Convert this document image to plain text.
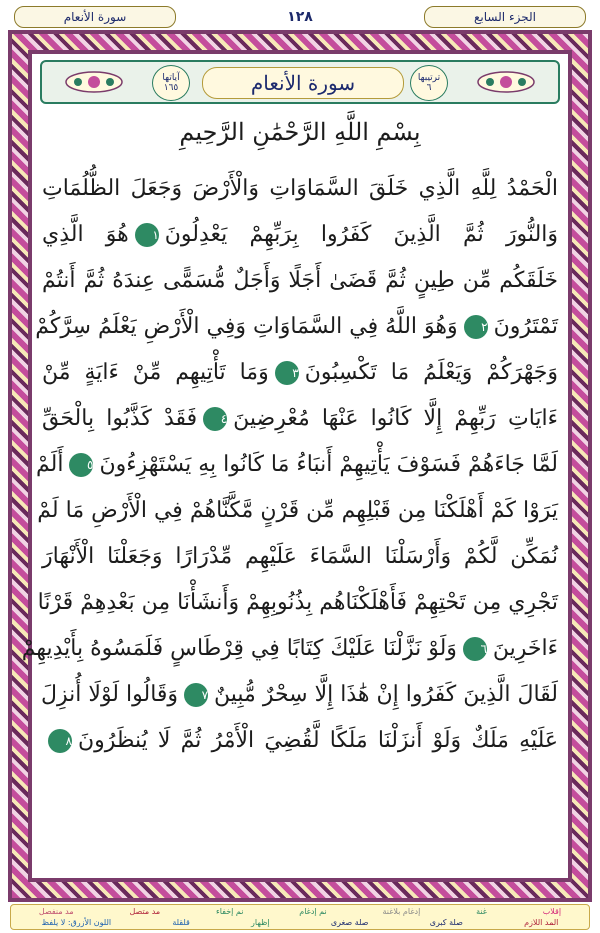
سورة الأنعام	١٢٨	الجزء السابع
آياتها
١٦٥	سورة الأنعام	ترتيبها
٦
بِسْمِ اللَّهِ الرَّحْمَٰنِ الرَّحِيمِ
الْحَمْدُ لِلَّهِ الَّذِي خَلَقَ السَّمَاوَاتِ وَالْأَرْضَ وَجَعَلَ الظُّلُمَاتِ
وَالنُّورَ ثُمَّ الَّذِينَ كَفَرُوا بِرَبِّهِمْ يَعْدِلُونَ١هُوَ الَّذِي
خَلَقَكُم مِّن طِينٍ ثُمَّ قَضَىٰ أَجَلًا وَأَجَلٌ مُّسَمًّى عِندَهُ ثُمَّ أَنتُمْ
تَمْتَرُونَ٢وَهُوَ اللَّهُ فِي السَّمَاوَاتِ وَفِي الْأَرْضِ يَعْلَمُ سِرَّكُمْ
وَجَهْرَكُمْ وَيَعْلَمُ مَا تَكْسِبُونَ٣وَمَا تَأْتِيهِم مِّنْ ءَايَةٍ مِّنْ
ءَايَاتِ رَبِّهِمْ إِلَّا كَانُوا عَنْهَا مُعْرِضِينَ٤فَقَدْ كَذَّبُوا بِالْحَقِّ
لَمَّا جَاءَهُمْ فَسَوْفَ يَأْتِيهِمْ أَنبَاءُ مَا كَانُوا بِهِ يَسْتَهْزِءُونَ٥أَلَمْ
يَرَوْا كَمْ أَهْلَكْنَا مِن قَبْلِهِم مِّن قَرْنٍ مَّكَّنَّاهُمْ فِي الْأَرْضِ مَا لَمْ
نُمَكِّن لَّكُمْ وَأَرْسَلْنَا السَّمَاءَ عَلَيْهِم مِّدْرَارًا وَجَعَلْنَا الْأَنْهَارَ
تَجْرِي مِن تَحْتِهِمْ فَأَهْلَكْنَاهُم بِذُنُوبِهِمْ وَأَنشَأْنَا مِن بَعْدِهِمْ قَرْنًا
ءَاخَرِينَ٦وَلَوْ نَزَّلْنَا عَلَيْكَ كِتَابًا فِي قِرْطَاسٍ فَلَمَسُوهُ بِأَيْدِيهِمْ
لَقَالَ الَّذِينَ كَفَرُوا إِنْ هَٰذَا إِلَّا سِحْرٌ مُّبِينٌ٧وَقَالُوا لَوْلَا أُنزِلَ
عَلَيْهِ مَلَكٌ وَلَوْ أَنزَلْنَا مَلَكًا لَّقُضِيَ الْأَمْرُ ثُمَّ لَا يُنظَرُونَ٨
إقلاب
غنة
إدغام بلاغنة
نم إدغام
نم إخفاء
مد متصل
مد منفصل
المد اللازم
صلة كبرى
صلة صغرى
إظهار
قلقلة
اللون الأزرق: لا يلفظ
